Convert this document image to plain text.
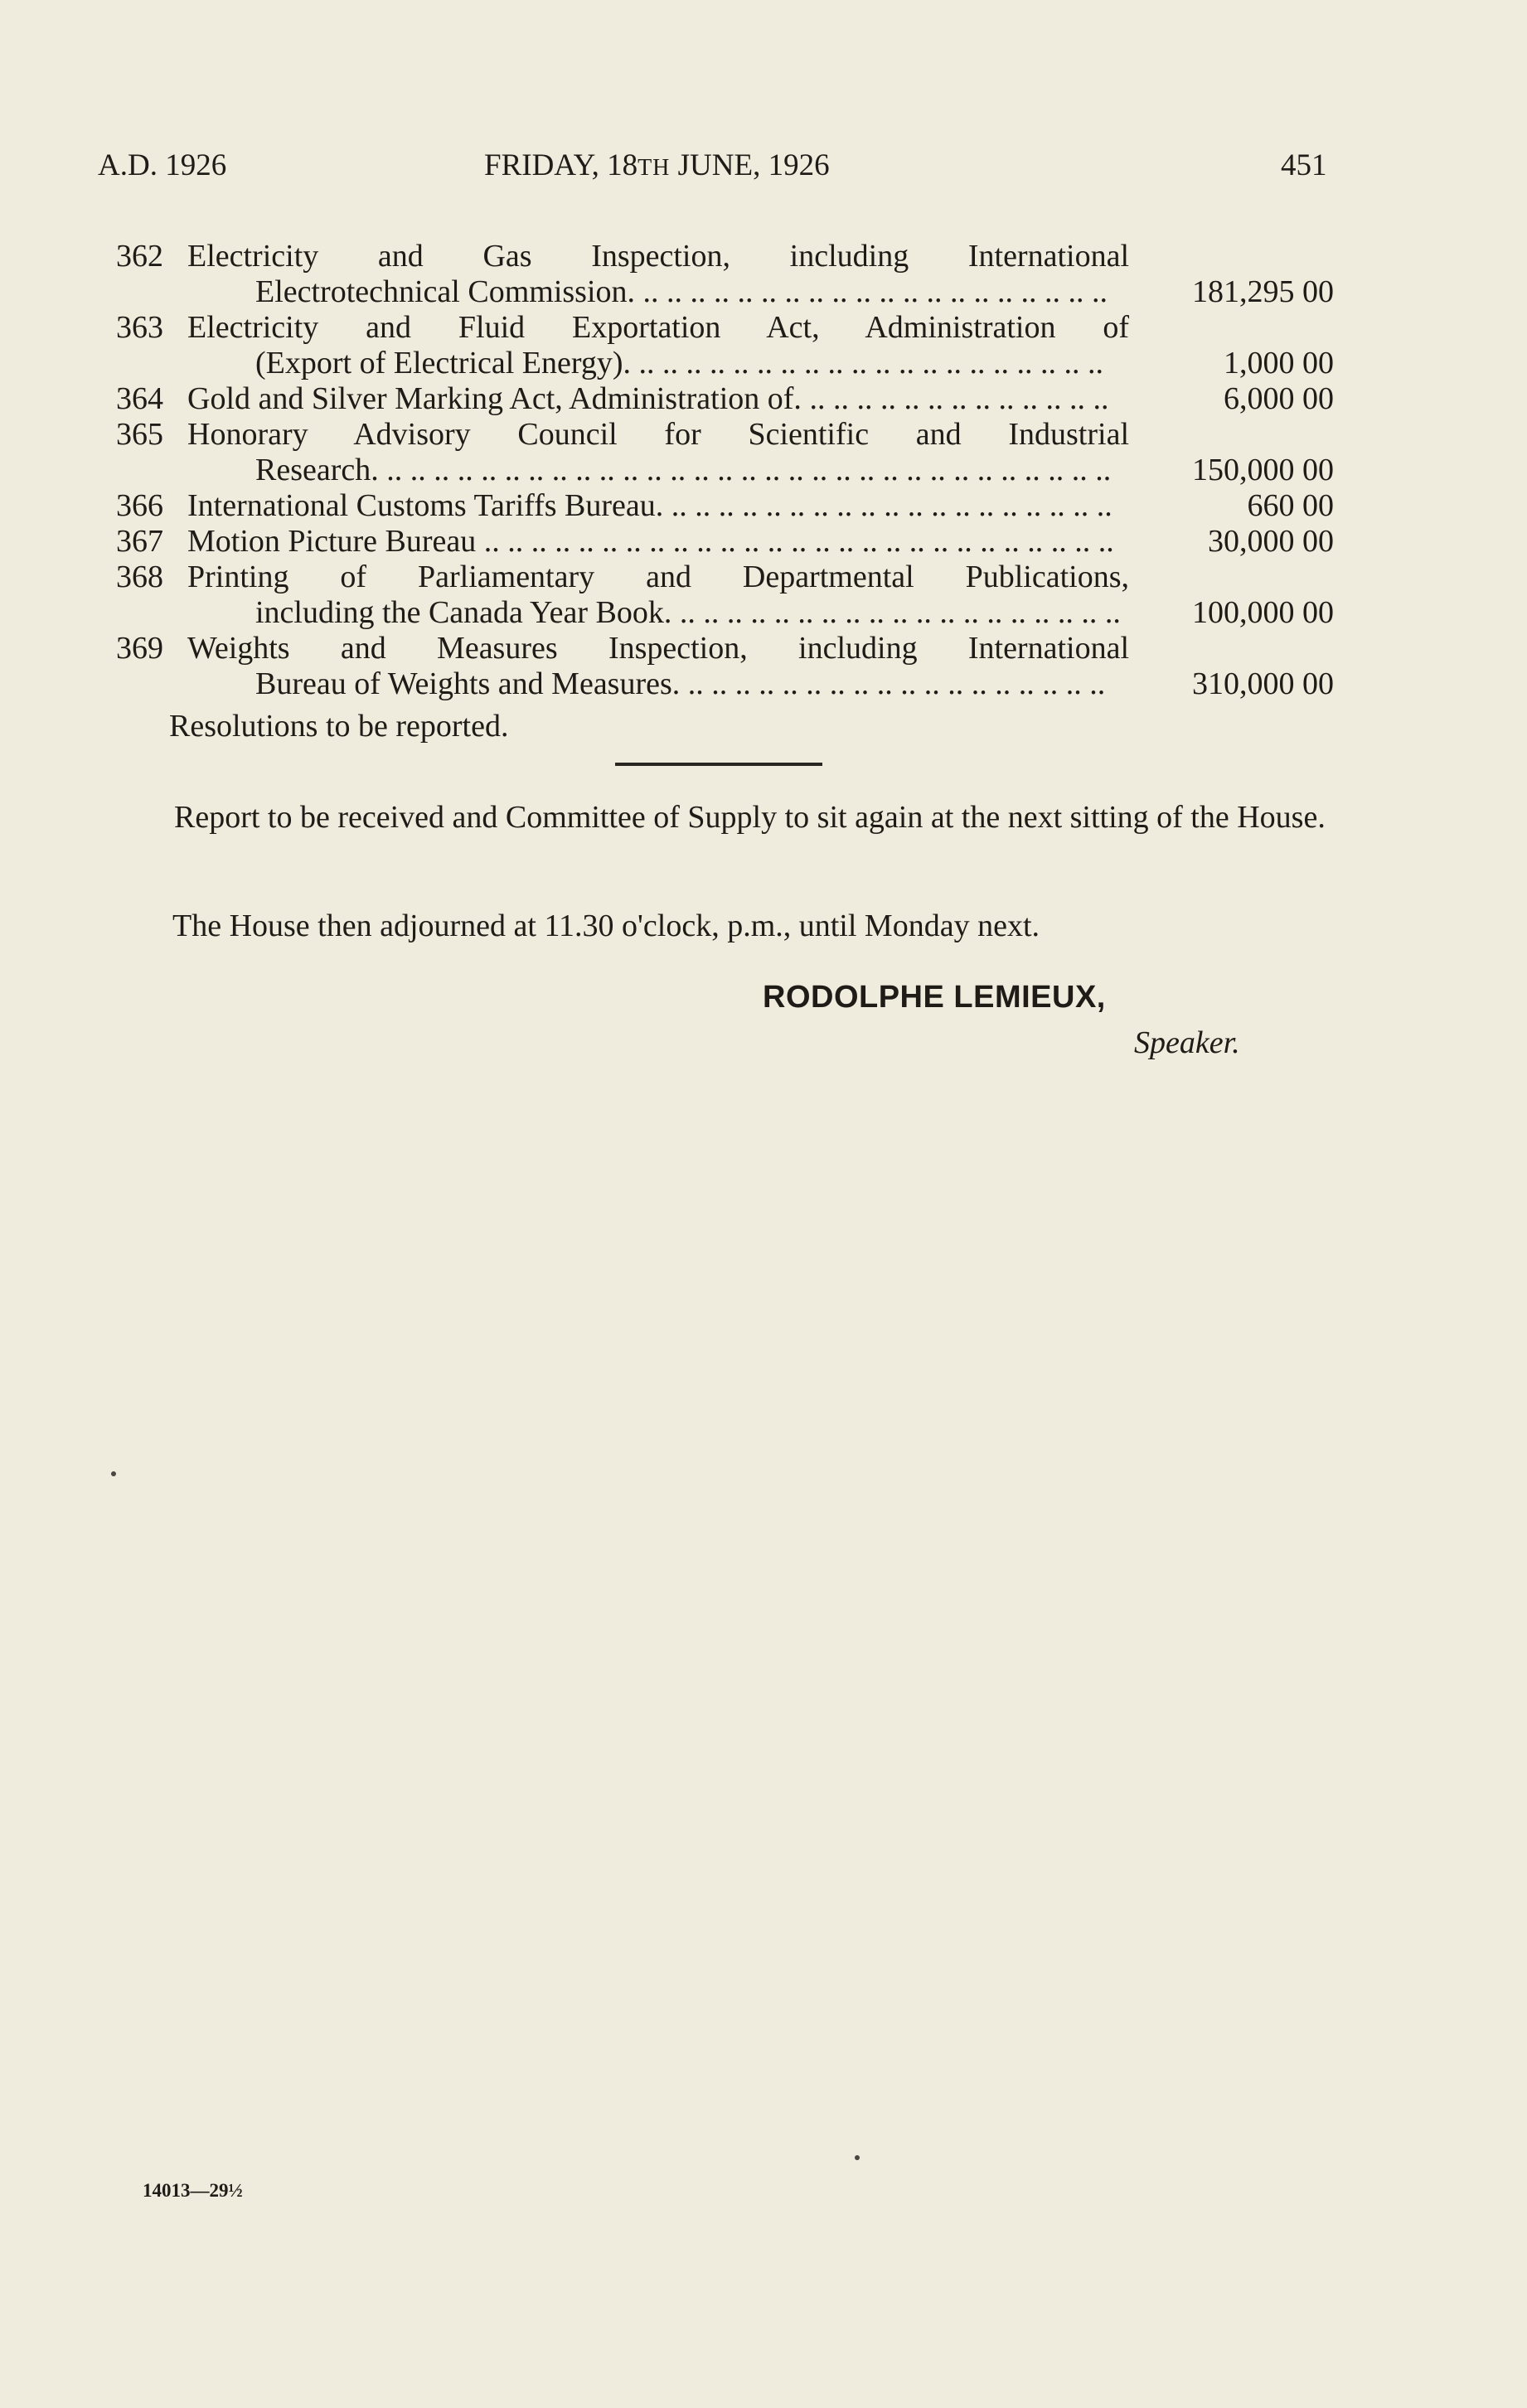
A.D. 1926	FRIDAY, 18TH JUNE, 1926	451
362 Electricity and Gas Inspection, including International
Electrotechnical Commission. .. .. .. .. .. .. .. .. .. .. .. .. .. .. .. .. .. .. .. ..	181,295 00
363 Electricity and Fluid Exportation Act, Administration of
(Export of Electrical Energy). .. .. .. .. .. .. .. .. .. .. .. .. .. .. .. .. .. .. .. ..	1,000 00
364 Gold and Silver Marking Act, Administration of. .. .. .. .. .. .. .. .. .. .. .. .. ..	6,000 00
365 Honorary Advisory Council for Scientific and Industrial
Research. .. .. .. .. .. .. .. .. .. .. .. .. .. .. .. .. .. .. .. .. .. .. .. .. .. .. .. .. .. .. ..	150,000 00
366 International Customs Tariffs Bureau. .. .. .. .. .. .. .. .. .. .. .. .. .. .. .. .. .. .. ..	660 00
367 Motion Picture Bureau .. .. .. .. .. .. .. .. .. .. .. .. .. .. .. .. .. .. .. .. .. .. .. .. .. .. ..	30,000 00
368 Printing of Parliamentary and Departmental Publications,
including the Canada Year Book. .. .. .. .. .. .. .. .. .. .. .. .. .. .. .. .. .. .. ..	100,000 00
369 Weights and Measures Inspection, including International
Bureau of Weights and Measures. .. .. .. .. .. .. .. .. .. .. .. .. .. .. .. .. .. ..	310,000 00
Resolutions to be reported.

Report to be received and Committee of Supply to sit again at the next sitting of the House.

The House then adjourned at 11.30 o'clock, p.m., until Monday next.
RODOLPHE LEMIEUX,
Speaker.
14013—29½
